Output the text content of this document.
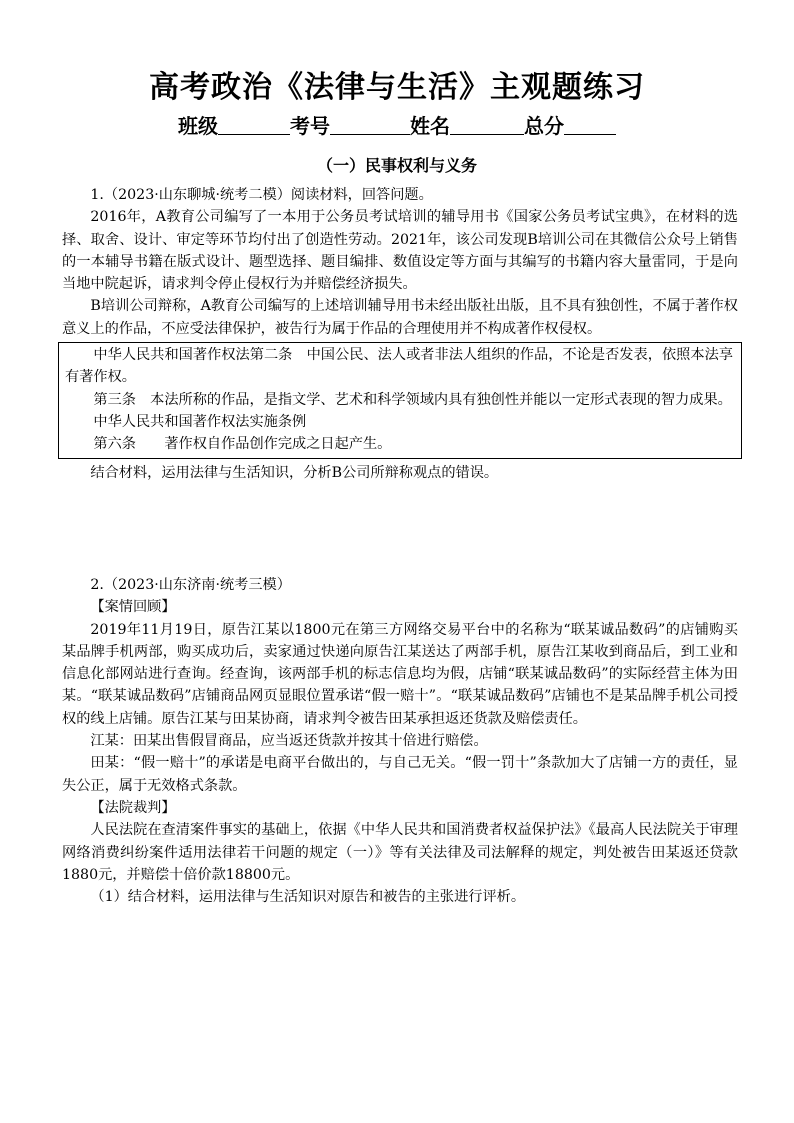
高考政治《法律与生活》主观题练习
班级	考号	姓名	总分
（一）民事权利与义务

1.（2023·山东聊城·统考二模）阅读材料，回答问题。

2016年，A教育公司编写了一本用于公务员考试培训的辅导用书《国家公务员考试宝典》，在材料的选择、取舍、设计、审定等环节均付出了创造性劳动。2021年，该公司发现B培训公司在其微信公众号上销售的一本辅导书籍在版式设计、题型选择、题目编排、数值设定等方面与其编写的书籍内容大量雷同，于是向当地中院起诉，请求判令停止侵权行为并赔偿经济损失。

B培训公司辩称，A教育公司编写的上述培训辅导用书未经出版社出版，且不具有独创性，不属于著作权意义上的作品，不应受法律保护，被告行为属于作品的合理使用并不构成著作权侵权。

中华人民共和国著作权法第二条　中国公民、法人或者非法人组织的作品，不论是否发表，依照本法享有著作权。

第三条　本法所称的作品，是指文学、艺术和科学领域内具有独创性并能以一定形式表现的智力成果。

中华人民共和国著作权法实施条例

第六条　　著作权自作品创作完成之日起产生。

结合材料，运用法律与生活知识，分析B公司所辩称观点的错误。

2.（2023·山东济南·统考三模）

【案情回顾】

2019年11月19日，原告江某以1800元在第三方网络交易平台中的名称为“联某诚品数码”的店铺购买某品牌手机两部，购买成功后，卖家通过快递向原告江某送达了两部手机，原告江某收到商品后，到工业和信息化部网站进行查询。经查询，该两部手机的标志信息均为假，店铺“联某诚品数码”的实际经营主体为田某。“联某诚品数码”店铺商品网页显眼位置承诺“假一赔十”。“联某诚品数码”店铺也不是某品牌手机公司授权的线上店铺。原告江某与田某协商，请求判令被告田某承担返还货款及赔偿责任。

江某：田某出售假冒商品，应当返还货款并按其十倍进行赔偿。

田某：“假一赔十”的承诺是电商平台做出的，与自己无关。“假一罚十”条款加大了店铺一方的责任，显失公正，属于无效格式条款。

【法院裁判】

人民法院在查清案件事实的基础上，依据《中华人民共和国消费者权益保护法》《最高人民法院关于审理网络消费纠纷案件适用法律若干问题的规定（一）》等有关法律及司法解释的规定，判处被告田某返还贷款1880元，并赔偿十倍价款18800元。

（1）结合材料，运用法律与生活知识对原告和被告的主张进行评析。
